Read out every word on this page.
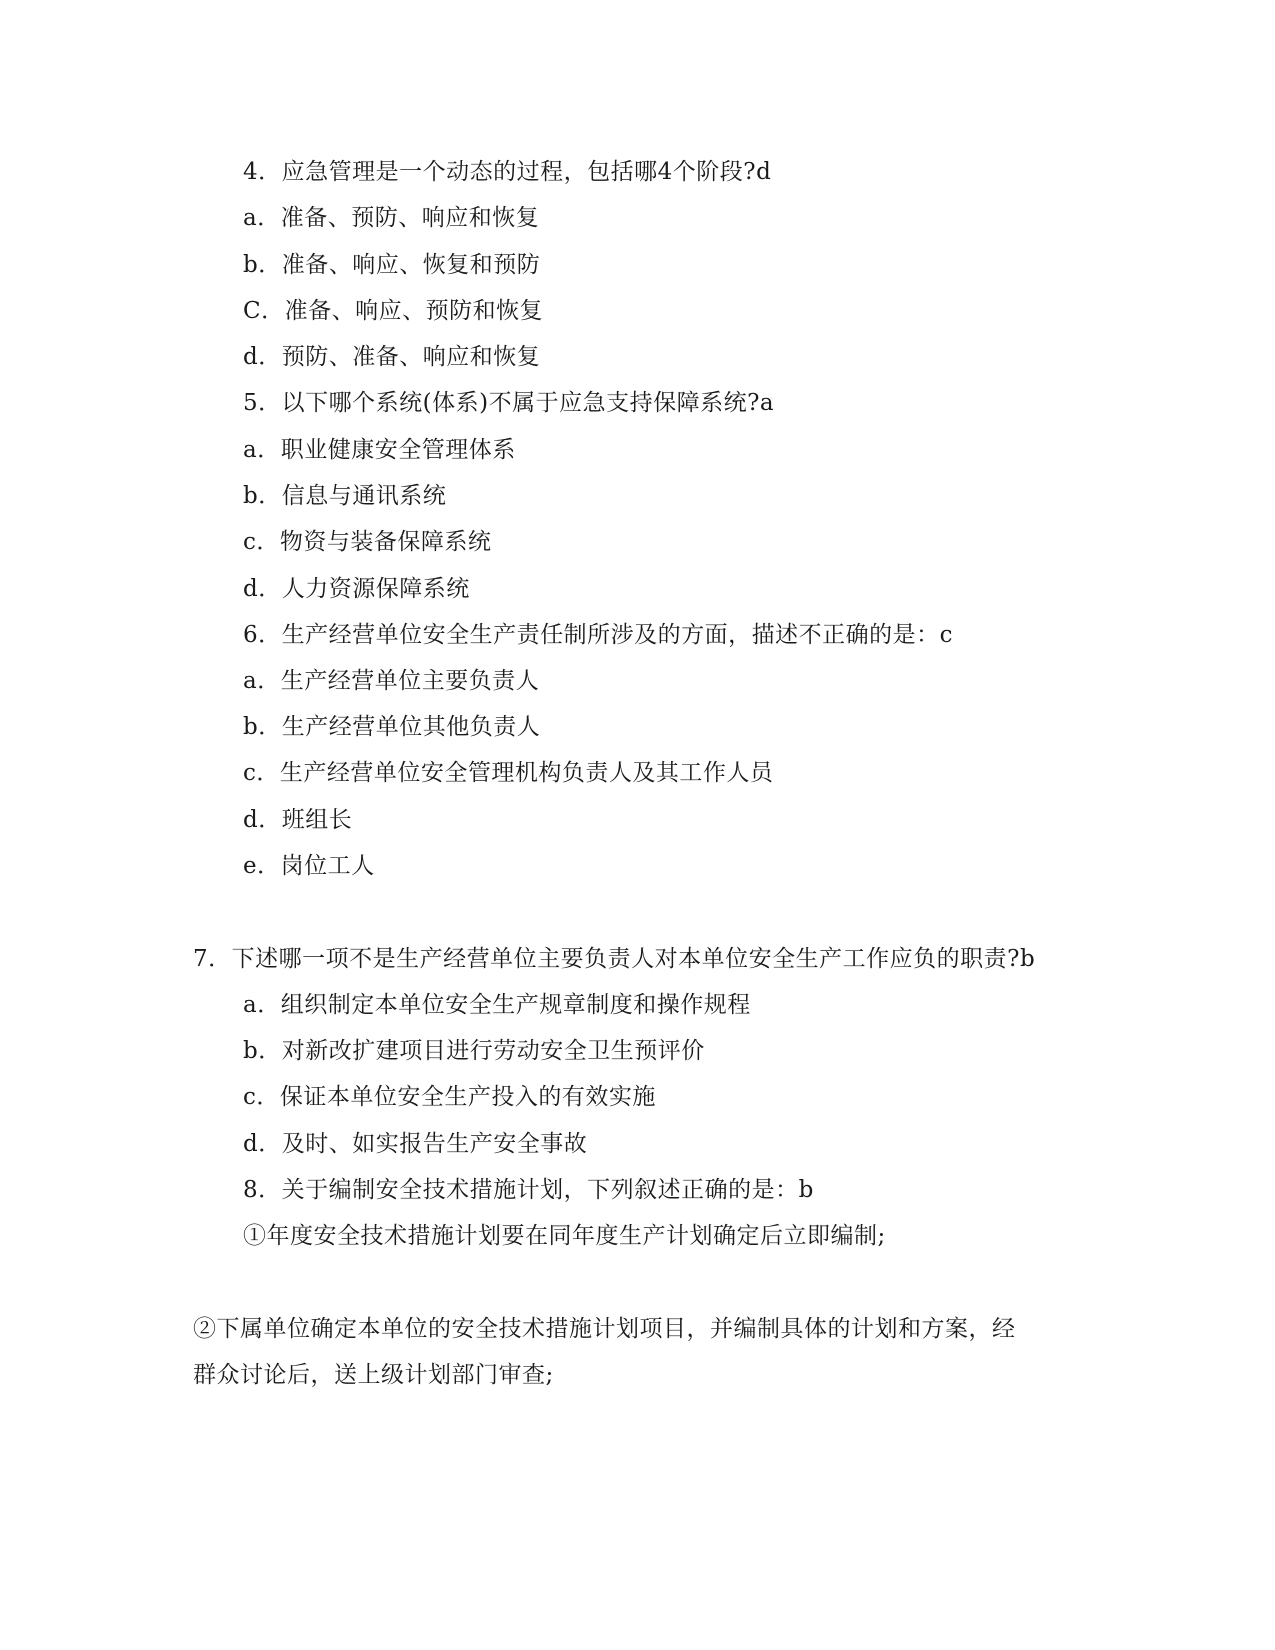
4．应急管理是一个动态的过程，包括哪4个阶段?d
a．准备、预防、响应和恢复
b．准备、响应、恢复和预防
C．准备、响应、预防和恢复
d．预防、准备、响应和恢复
5．以下哪个系统(体系)不属于应急支持保障系统?a
a．职业健康安全管理体系
b．信息与通讯系统
c．物资与装备保障系统
d．人力资源保障系统
6．生产经营单位安全生产责任制所涉及的方面，描述不正确的是：c
a．生产经营单位主要负责人
b．生产经营单位其他负责人
c．生产经营单位安全管理机构负责人及其工作人员
d．班组长
e．岗位工人
7．下述哪一项不是生产经营单位主要负责人对本单位安全生产工作应负的职责?b
a．组织制定本单位安全生产规章制度和操作规程
b．对新改扩建项目进行劳动安全卫生预评价
c．保证本单位安全生产投入的有效实施
d．及时、如实报告生产安全事故
8．关于编制安全技术措施计划，下列叙述正确的是：b
①年度安全技术措施计划要在同年度生产计划确定后立即编制;
②下属单位确定本单位的安全技术措施计划项目，并编制具体的计划和方案，经
群众讨论后，送上级计划部门审查;
